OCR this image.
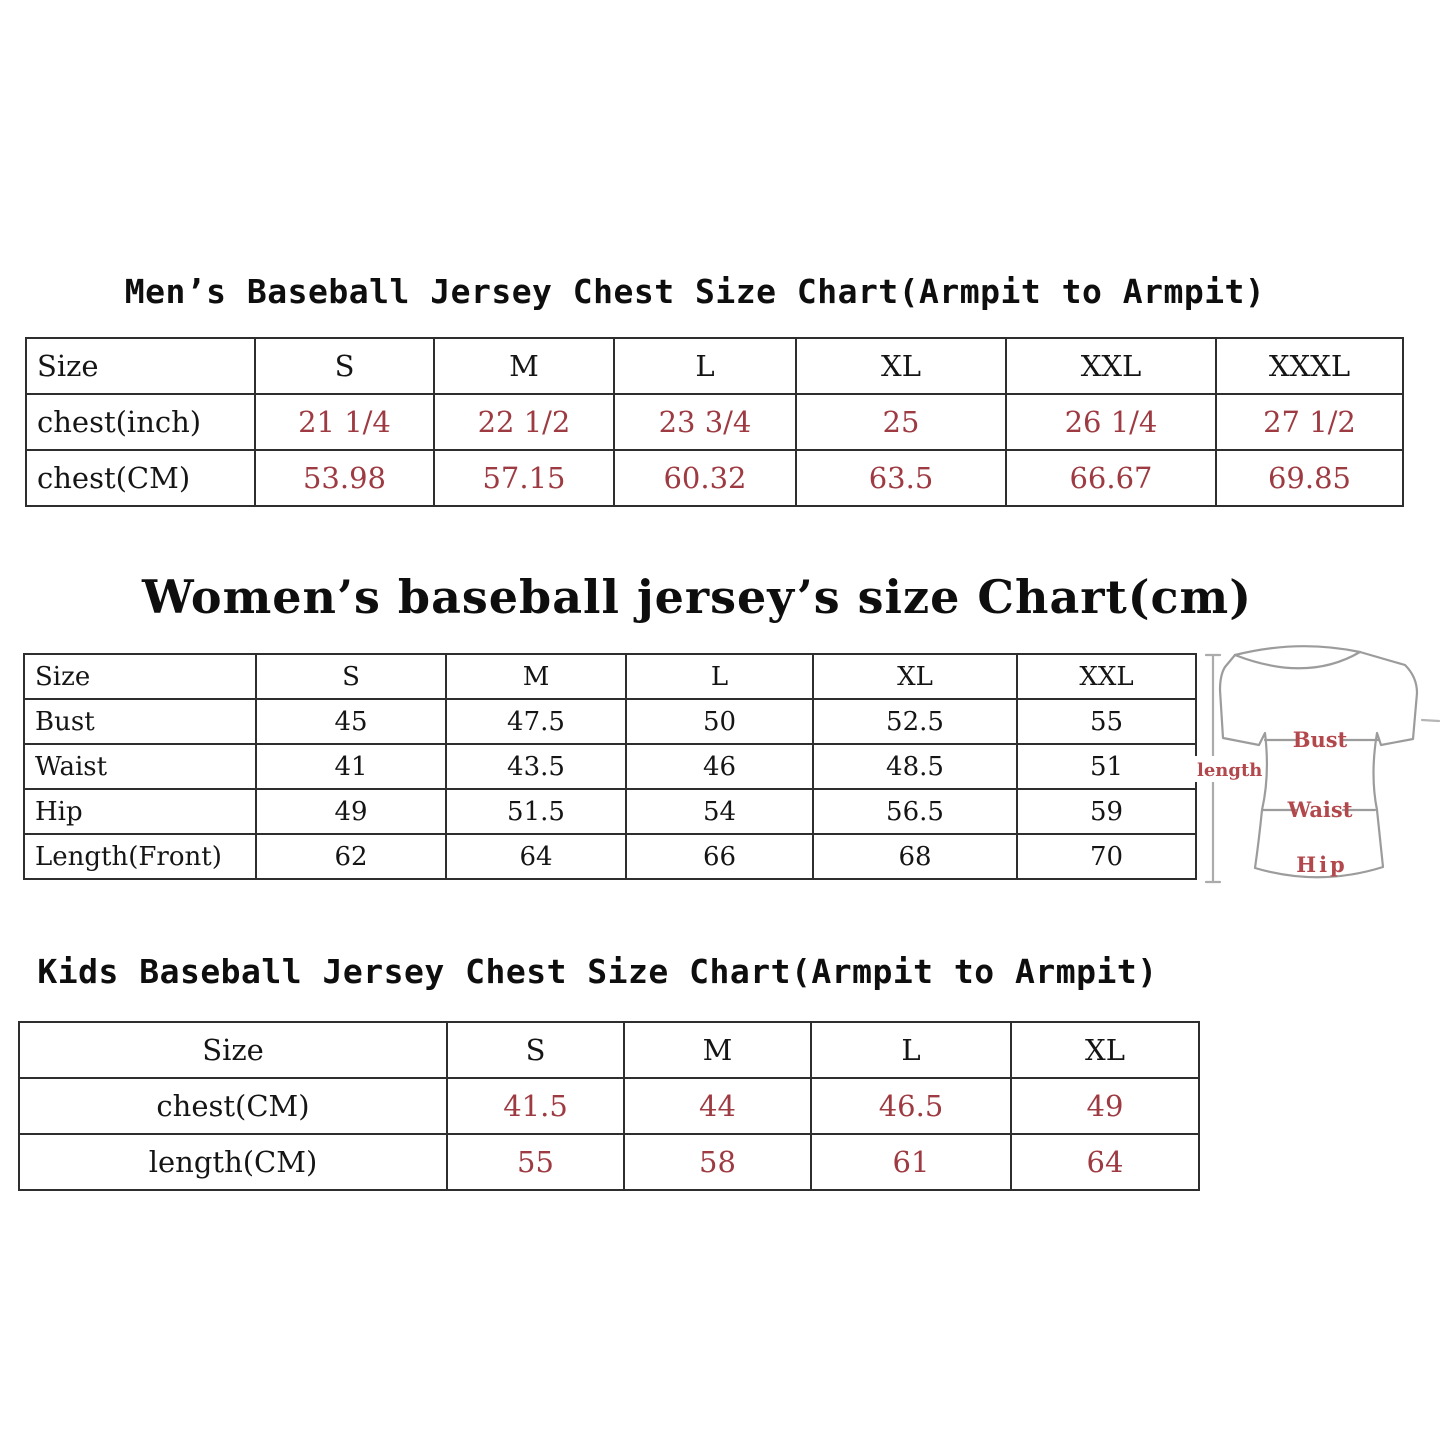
Men’s Baseball Jersey Chest Size Chart(Armpit to Armpit)
Size	S	M	L	XL	XXL	XXXL
chest(inch)	21 1/4	22 1/2	23 3/4	25	26 1/4	27 1/2
chest(CM)	53.98	57.15	60.32	63.5	66.67	69.85
Women’s baseball jersey’s size Chart(cm)
Size	S	M	L	XL	XXL
Bust	45	47.5	50	52.5	55
Waist	41	43.5	46	48.5	51
Hip	49	51.5	54	56.5	59
Length(Front)	62	64	66	68	70
length
Bust
Waist
Hip
Kids Baseball Jersey Chest Size Chart(Armpit to Armpit)
Size	S	M	L	XL
chest(CM)	41.5	44	46.5	49
length(CM)	55	58	61	64
